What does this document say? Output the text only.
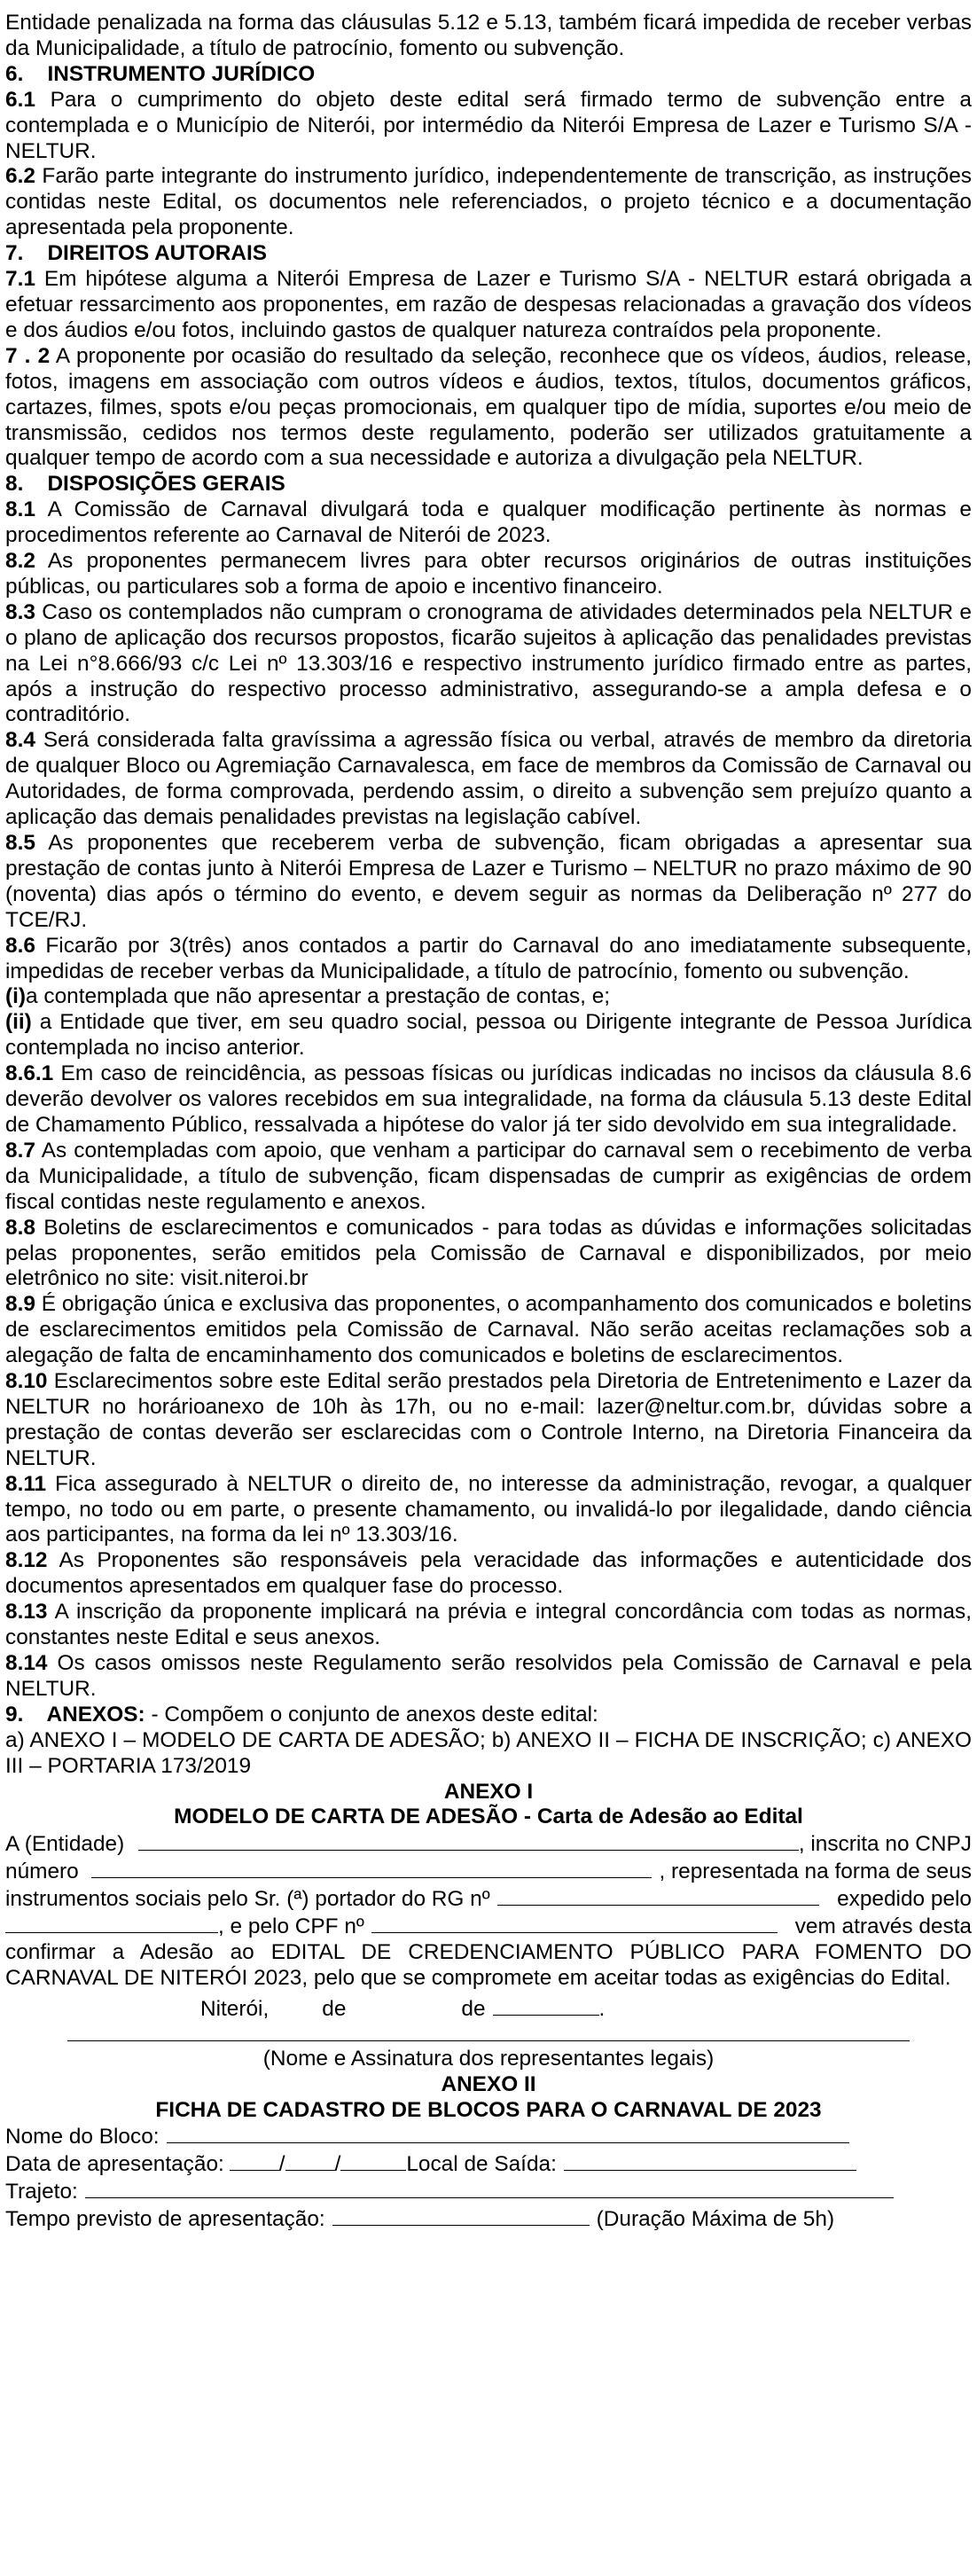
Entidade penalizada na forma das cláusulas 5.12 e 5.13, também ficará impedida de receber verbas da Municipalidade, a título de patrocínio, fomento ou subvenção.
6.    INSTRUMENTO JURÍDICO
6.1 Para o cumprimento do objeto deste edital será firmado termo de subvenção entre a contemplada e o Município de Niterói, por intermédio da Niterói Empresa de Lazer e Turismo S/A - NELTUR.
6.2 Farão parte integrante do instrumento jurídico, independentemente de transcrição, as instruções contidas neste Edital, os documentos nele referenciados, o projeto técnico e a documentação apresentada pela proponente.
7.    DIREITOS AUTORAIS
7.1 Em hipótese alguma a Niterói Empresa de Lazer e Turismo S/A - NELTUR estará obrigada a efetuar ressarcimento aos proponentes, em razão de despesas relacionadas a gravação dos vídeos e dos áudios e/ou fotos, incluindo gastos de qualquer natureza contraídos pela proponente.
7 . 2 A proponente por ocasião do resultado da seleção, reconhece que os vídeos, áudios, release, fotos, imagens em associação com outros vídeos e áudios, textos, títulos, documentos gráficos, cartazes, filmes, spots e/ou peças promocionais, em qualquer tipo de mídia, suportes e/ou meio de transmissão, cedidos nos termos deste regulamento, poderão ser utilizados gratuitamente a qualquer tempo de acordo com a sua necessidade e autoriza a divulgação pela NELTUR.
8.    DISPOSIÇÕES GERAIS
8.1 A Comissão de Carnaval divulgará toda e qualquer modificação pertinente às normas e procedimentos referente ao Carnaval de Niterói de 2023.
8.2 As proponentes permanecem livres para obter recursos originários de outras instituições públicas, ou particulares sob a forma de apoio e incentivo financeiro.
8.3 Caso os contemplados não cumpram o cronograma de atividades determinados pela NELTUR e o plano de aplicação dos recursos propostos, ficarão sujeitos à aplicação das penalidades previstas na Lei n°8.666/93 c/c Lei nº 13.303/16 e respectivo instrumento jurídico firmado entre as partes, após a instrução do respectivo processo administrativo, assegurando-se a ampla defesa e o contraditório.
8.4 Será considerada falta gravíssima a agressão física ou verbal, através de membro da diretoria de qualquer Bloco ou Agremiação Carnavalesca, em face de membros da Comissão de Carnaval ou Autoridades, de forma comprovada, perdendo assim, o direito a subvenção sem prejuízo quanto a aplicação das demais penalidades previstas na legislação cabível.
8.5 As proponentes que receberem verba de subvenção, ficam obrigadas a apresentar sua prestação de contas junto à Niterói Empresa de Lazer e Turismo – NELTUR no prazo máximo de 90 (noventa) dias após o término do evento, e devem seguir as normas da Deliberação nº 277 do TCE/RJ.
8.6 Ficarão por 3(três) anos contados a partir do Carnaval do ano imediatamente subsequente, impedidas de receber verbas da Municipalidade, a título de patrocínio, fomento ou subvenção.
(i)a contemplada que não apresentar a prestação de contas, e;
(ii) a Entidade que tiver, em seu quadro social, pessoa ou Dirigente integrante de Pessoa Jurídica contemplada no inciso anterior.
8.6.1 Em caso de reincidência, as pessoas físicas ou jurídicas indicadas no incisos da cláusula 8.6 deverão devolver os valores recebidos em sua integralidade, na forma da cláusula 5.13 deste Edital de Chamamento Público, ressalvada a hipótese do valor já ter sido devolvido em sua integralidade.
8.7 As contempladas com apoio, que venham a participar do carnaval sem o recebimento de verba da Municipalidade, a título de subvenção, ficam dispensadas de cumprir as exigências de ordem fiscal contidas neste regulamento e anexos.
8.8 Boletins de esclarecimentos e comunicados - para todas as dúvidas e informações solicitadas pelas proponentes, serão emitidos pela Comissão de Carnaval e disponibilizados, por meio eletrônico no site: visit.niteroi.br
8.9 É obrigação única e exclusiva das proponentes, o acompanhamento dos comunicados e boletins de esclarecimentos emitidos pela Comissão de Carnaval. Não serão aceitas reclamações sob a alegação de falta de encaminhamento dos comunicados e boletins de esclarecimentos.
8.10 Esclarecimentos sobre este Edital serão prestados pela Diretoria de Entretenimento e Lazer da NELTUR no horárioanexo de 10h às 17h, ou no e-mail: lazer@neltur.com.br, dúvidas sobre a prestação de contas deverão ser esclarecidas com o Controle Interno, na Diretoria Financeira da NELTUR.
8.11 Fica assegurado à NELTUR o direito de, no interesse da administração, revogar, a qualquer tempo, no todo ou em parte, o presente chamamento, ou invalidá-lo por ilegalidade, dando ciência aos participantes, na forma da lei nº 13.303/16.
8.12 As Proponentes são responsáveis pela veracidade das informações e autenticidade dos documentos apresentados em qualquer fase do processo.
8.13 A inscrição da proponente implicará na prévia e integral concordância com todas as normas, constantes neste Edital e seus anexos.
8.14 Os casos omissos neste Regulamento serão resolvidos pela Comissão de Carnaval e pela NELTUR.
9.    ANEXOS: - Compõem o conjunto de anexos deste edital:
a) ANEXO I – MODELO DE CARTA DE ADESÃO; b) ANEXO II – FICHA DE INSCRIÇÃO; c) ANEXO III – PORTARIA 173/2019
ANEXO I
MODELO DE CARTA DE ADESÃO - Carta de Adesão ao Edital
A (Entidade)	, inscrita no CNPJ
número	, representada na forma de seus
instrumentos sociais pelo Sr. (ª) portador do RG nº	expedido pelo
, e pelo CPF nº	vem através desta
confirmar a Adesão ao EDITAL DE CREDENCIAMENTO PÚBLICO PARA FOMENTO DO CARNAVAL DE NITERÓI 2023, pelo que se compromete em aceitar todas as exigências do Edital.
Niterói, de	de	.
(Nome e Assinatura dos representantes legais)
ANEXO II
FICHA DE CADASTRO DE BLOCOS PARA O CARNAVAL DE 2023
Nome do Bloco:
Data de apresentação:	/ /	Local de Saída:
Trajeto:
Tempo previsto de apresentação:	(Duração Máxima de 5h)
